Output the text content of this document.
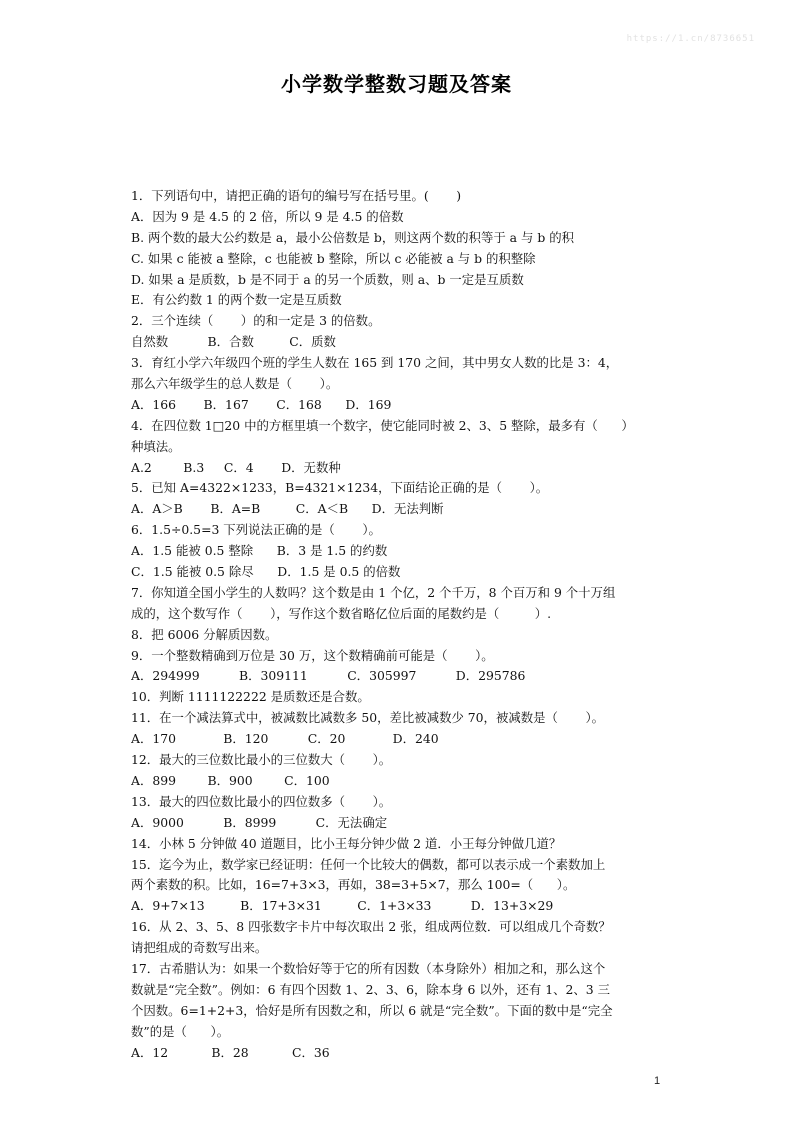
https://1.cn/8736651
小学数学整数习题及答案
1．下列语句中，请把正确的语句的编号写在括号里。(       )
A．因为 9 是 4.5 的 2 倍，所以 9 是 4.5 的倍数
B. 两个数的最大公约数是 a，最小公倍数是 b，则这两个数的积等于 a 与 b 的积
C. 如果 c 能被 a 整除，c 也能被 b 整除，所以 c 必能被 a 与 b 的积整除
D. 如果 a 是质数，b 是不同于 a 的另一个质数，则 a、b 一定是互质数
E．有公约数 1 的两个数一定是互质数
2．三个连续（       ）的和一定是 3 的倍数。
自然数          B．合数         C．质数
3．育红小学六年级四个班的学生人数在 165 到 170 之间，其中男女人数的比是 3：4，
那么六年级学生的总人数是（       ）。
A．166       B．167       C．168      D．169
4．在四位数 1□20 中的方框里填一个数字，使它能同时被 2、3、5 整除，最多有（      ）
种填法。
A.2        B.3     C．4       D．无数种
5．已知 A=4322×1233，B=4321×1234，下面结论正确的是（       ）。
A．A＞B       B．A=B         C．A＜B      D．无法判断
6．1.5÷0.5=3 下列说法正确的是（       ）。
A．1.5 能被 0.5 整除      B．3 是 1.5 的约数
C．1.5 能被 0.5 除尽      D．1.5 是 0.5 的倍数
7．你知道全国小学生的人数吗？这个数是由 1 个亿，2 个千万，8 个百万和 9 个十万组
成的，这个数写作（       ），写作这个数省略亿位后面的尾数约是（         ）.
8．把 6006 分解质因数。
9．一个整数精确到万位是 30 万，这个数精确前可能是（       ）。
A．294999          B．309111          C．305997          D．295786
10．判断 1111122222 是质数还是合数。
11．在一个减法算式中，被减数比减数多 50，差比被减数少 70，被减数是（       ）。
A．170            B．120          C．20            D．240
12．最大的三位数比最小的三位数大（       ）。
A．899        B．900        C．100
13．最大的四位数比最小的四位数多（       ）。
A．9000          B．8999          C．无法确定
14．小林 5 分钟做 40 道题目，比小王每分钟少做 2 道．小王每分钟做几道？
15．迄今为止，数学家已经证明：任何一个比较大的偶数，都可以表示成一个素数加上
两个素数的积。比如，16=7+3×3，再如，38=3+5×7，那么 100=（      ）。
A．9+7×13         B．17+3×31         C．1+3×33          D．13+3×29
16．从 2、3、5、8 四张数字卡片中每次取出 2 张，组成两位数．可以组成几个奇数？
请把组成的奇数写出来。
17．古希腊认为：如果一个数恰好等于它的所有因数（本身除外）相加之和，那么这个
数就是“完全数”。例如：6 有四个因数 1、2、3、6，除本身 6 以外，还有 1、2、3 三
个因数。6=1+2+3，恰好是所有因数之和，所以 6 就是“完全数”。下面的数中是“完全
数”的是（      ）。
A．12           B．28           C．36
1
